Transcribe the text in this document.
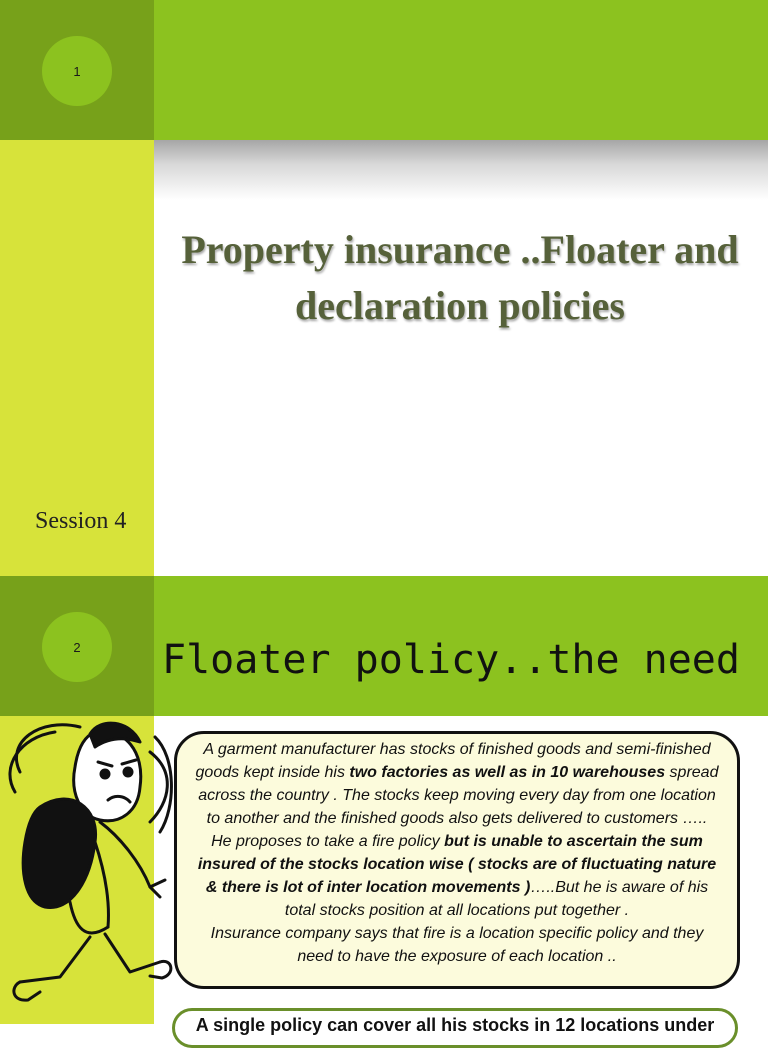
1
Property insurance ..Floater and declaration policies
Session 4
2	Floater policy..the need
A garment manufacturer has stocks of finished goods and semi-finished goods kept inside his two factories as well as in 10 warehouses spread across the country . The stocks keep moving every day from one location to another and the finished goods also gets delivered to customers ….. He proposes to take a fire policy but is unable to ascertain the sum insured of the stocks location wise ( stocks are of fluctuating nature & there is lot of inter location movements )…..But he is aware of his total stocks position at all locations put together .
Insurance company says that fire is a location specific policy and they need to have the exposure of each location ..
A single policy can cover all his stocks in 12 locations under
